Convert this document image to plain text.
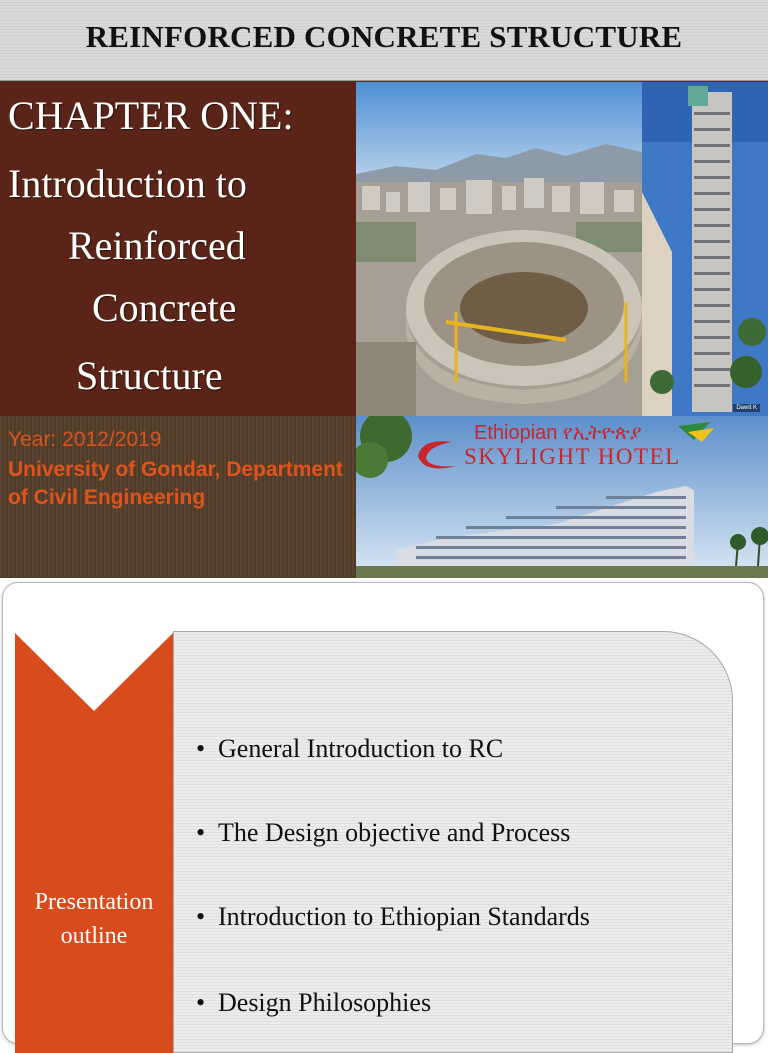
REINFORCED CONCRETE STRUCTURE
CHAPTER ONE:
Introduction to
Reinforced
Concrete
Structure
Year: 2012/2019
University of Gondar, Department of Civil Engineering
Dawit K
Ethiopian የኢትዮጵያ
SKYLIGHT HOTEL
Presentation outline
• General Introduction to RC
• The Design objective and Process
• Introduction to Ethiopian Standards
• Design Philosophies
